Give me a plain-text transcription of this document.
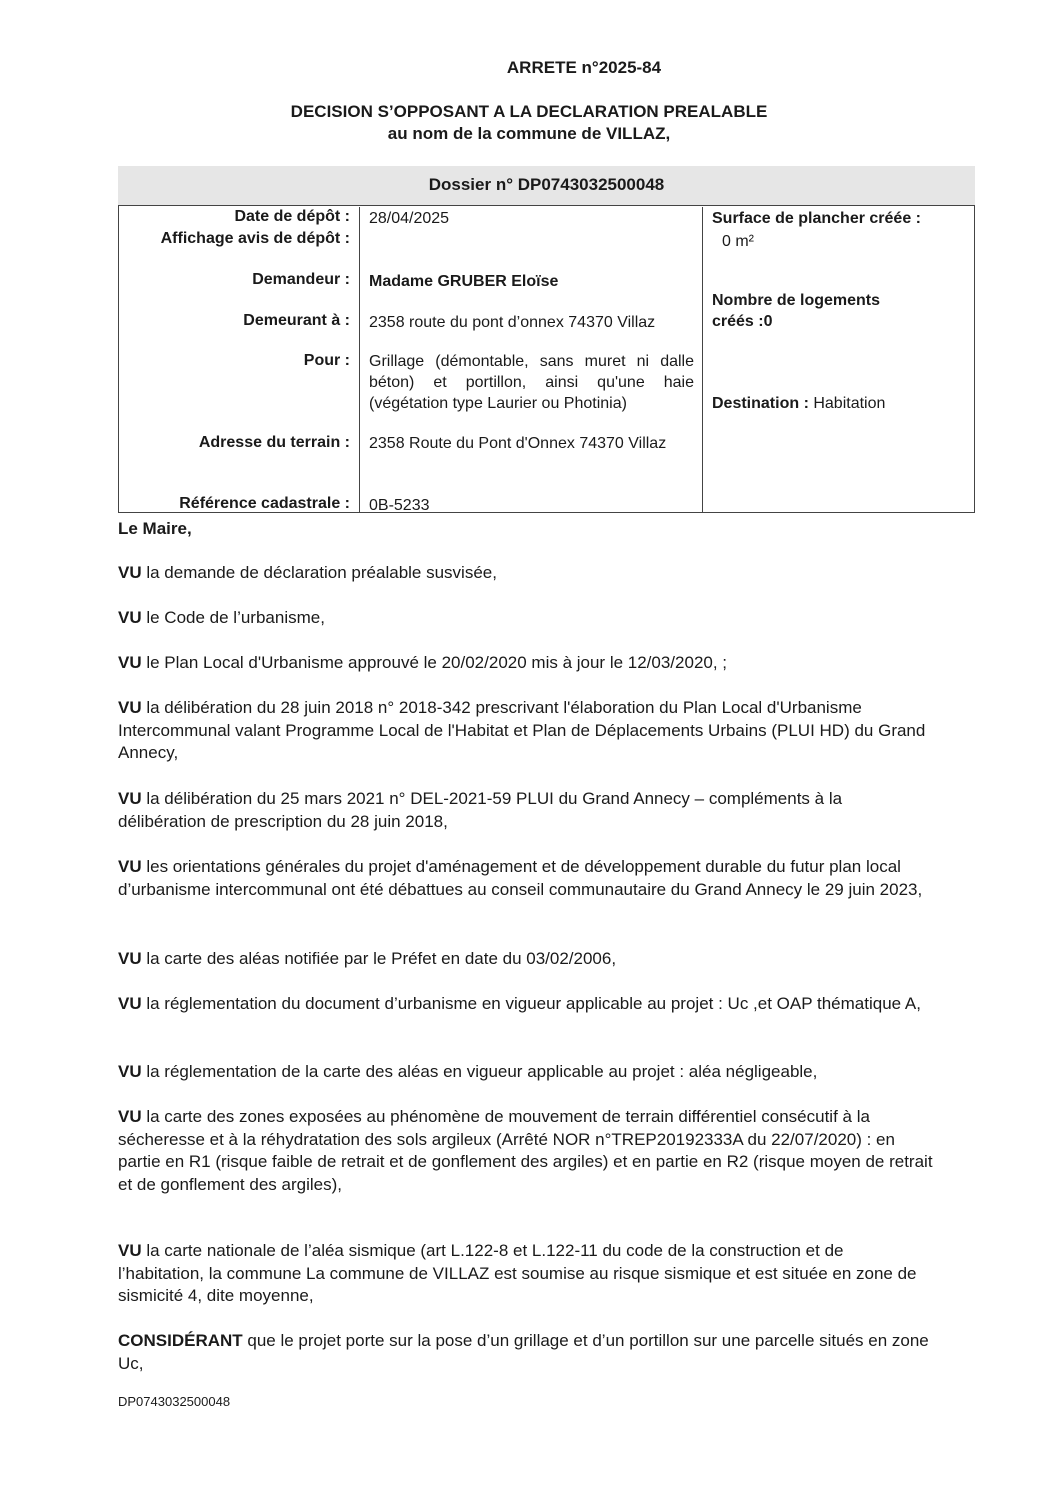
ARRETE n°2025-84
DECISION S’OPPOSANT A LA DECLARATION PREALABLE
au nom de la commune de VILLAZ,
Dossier n° DP0743032500048
Date de dépôt : 28/04/2025
Affichage avis de dépôt :
Demandeur : Madame GRUBER Eloïse
Demeurant à : 2358 route du pont d’onnex 74370 Villaz
Pour : Grillage (démontable, sans muret ni dalle béton) et portillon, ainsi qu'une haie (végétation type Laurier ou Photinia)
Adresse du terrain : 2358 Route du Pont d'Onnex 74370 Villaz
Référence cadastrale : 0B-5233
Surface de plancher créée :
0 m²
Nombre de logements créés :0
Destination : Habitation
Le Maire,
VU la demande de déclaration préalable susvisée,
VU le Code de l’urbanisme,
VU le Plan Local d'Urbanisme approuvé le 20/02/2020 mis à jour le 12/03/2020, ;
VU la délibération du 28 juin 2018 n° 2018-342 prescrivant l'élaboration du Plan Local d'Urbanisme Intercommunal valant Programme Local de l'Habitat et Plan de Déplacements Urbains (PLUI HD) du Grand Annecy,
VU la délibération du 25 mars 2021 n° DEL-2021-59 PLUI du Grand Annecy – compléments à la délibération de prescription du 28 juin 2018,
VU les orientations générales du projet d'aménagement et de développement durable du futur plan local d’urbanisme intercommunal ont été débattues au conseil communautaire du Grand Annecy le 29 juin 2023,
VU la carte des aléas notifiée par le Préfet en date du 03/02/2006,
VU la réglementation du document d’urbanisme en vigueur applicable au projet : Uc ,et OAP thématique A,
VU la réglementation de la carte des aléas en vigueur applicable au projet : aléa négligeable,
VU la carte des zones exposées au phénomène de mouvement de terrain différentiel consécutif à la sécheresse et à la réhydratation des sols argileux (Arrêté NOR n°TREP20192333A du 22/07/2020) : en partie en R1 (risque faible de retrait et de gonflement des argiles) et en partie en R2 (risque moyen de retrait et de gonflement des argiles),
VU la carte nationale de l’aléa sismique (art L.122-8 et L.122-11 du code de la construction et de l’habitation, la commune La commune de VILLAZ est soumise au risque sismique et est située en zone de sismicité 4, dite moyenne,
CONSIDÉRANT que le projet porte sur la pose d’un grillage et d’un portillon sur une parcelle situés en zone Uc,
DP0743032500048
